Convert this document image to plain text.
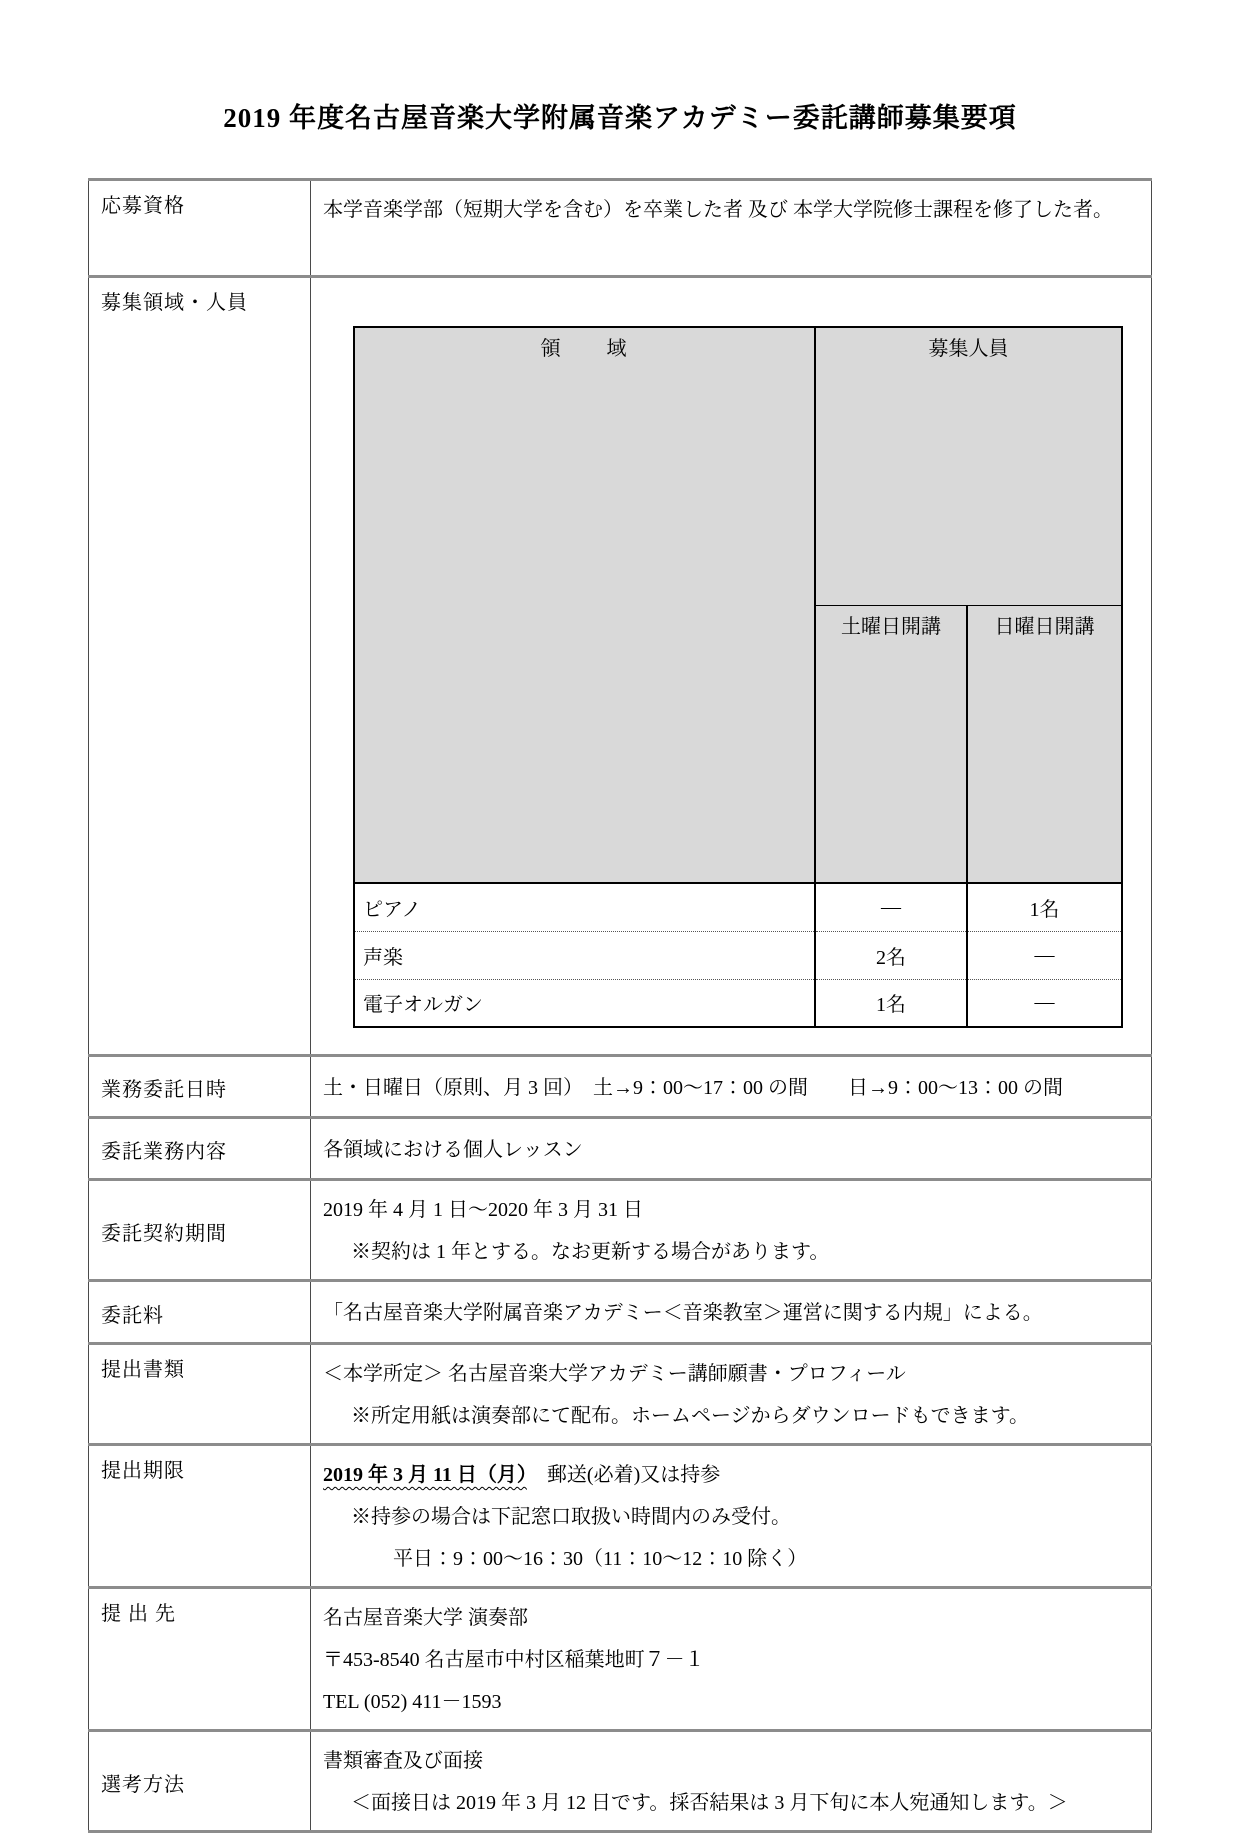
2019 年度名古屋音楽大学附属音楽アカデミー委託講師募集要項
応募資格	本学音楽学部（短期大学を含む）を卒業した者 及び 本学大学院修士課程を修了した者。

募集領域・人員	
領　　域	募集人員
土曜日開講	日曜日開講
ピアノ	―	1名
声楽	2名	―
電子オルガン	1名	―

業務委託日時	土・日曜日（原則、月 3 回）　土→9：00～17：00 の間　　日→9：00～13：00 の間

委託業務内容	各領域における個人レッスン

委託契約期間	
2019 年 4 月 1 日～2020 年 3 月 31 日
※契約は 1 年とする。なお更新する場合があります。

委託料	「名古屋音楽大学附属音楽アカデミー＜音楽教室＞運営に関する内規」による。

提出書類	＜本学所定＞ 名古屋音楽大学アカデミー講師願書・プロフィール
※所定用紙は演奏部にて配布。ホームページからダウンロードもできます。

提出期限	2019 年 3 月 11 日（月）　郵送(必着)又は持参
※持参の場合は下記窓口取扱い時間内のみ受付。
平日：9：00～16：30（11：10～12：10 除く）

提 出 先	名古屋音楽大学 演奏部
〒453-8540 名古屋市中村区稲葉地町７－１
TEL (052) 411－1593

選考方法	
書類審査及び面接
＜面接日は 2019 年 3 月 12 日です。採否結果は 3 月下旬に本人宛通知します。＞
